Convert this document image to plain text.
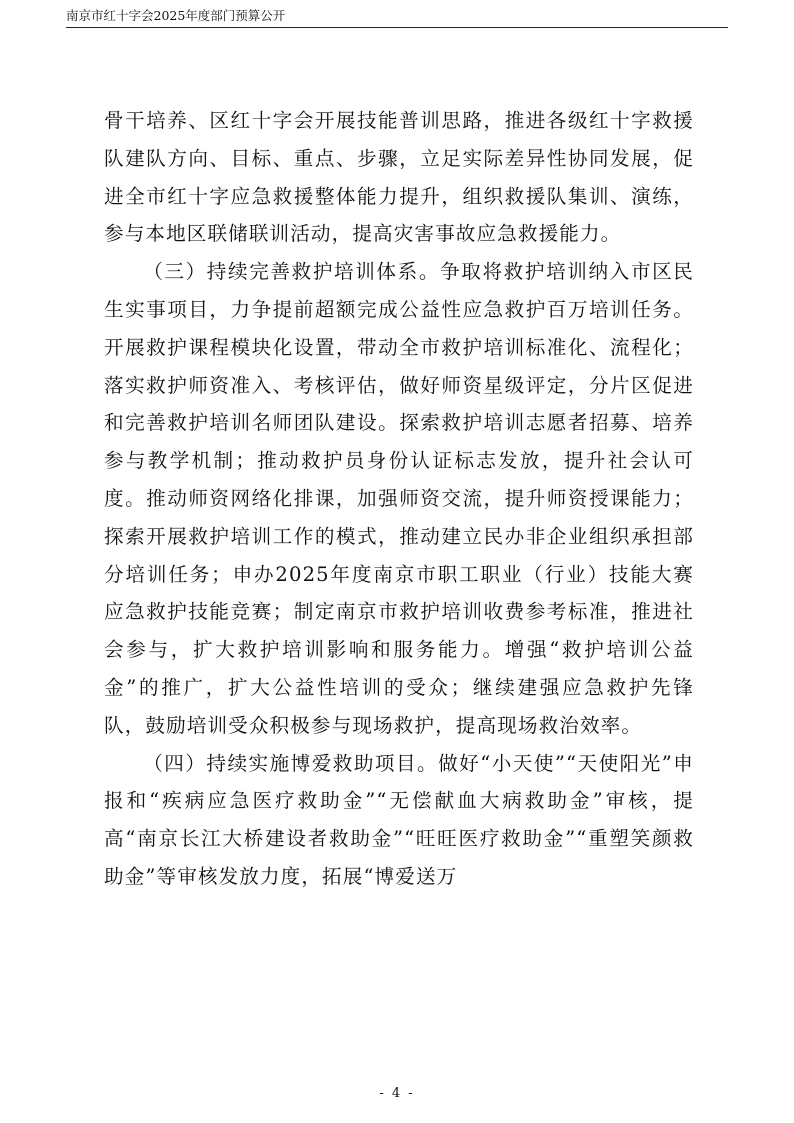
南京市红十字会2025年度部门预算公开

骨干培养、区红十字会开展技能普训思路，推进各级红十字救援队建队方向、目标、重点、步骤，立足实际差异性协同发展，促进全市红十字应急救援整体能力提升，组织救援队集训、演练，参与本地区联储联训活动，提高灾害事故应急救援能力。

（三）持续完善救护培训体系。争取将救护培训纳入市区民生实事项目，力争提前超额完成公益性应急救护百万培训任务。开展救护课程模块化设置，带动全市救护培训标准化、流程化；落实救护师资准入、考核评估，做好师资星级评定，分片区促进和完善救护培训名师团队建设。探索救护培训志愿者招募、培养参与教学机制；推动救护员身份认证标志发放，提升社会认可度。推动师资网络化排课，加强师资交流，提升师资授课能力；探索开展救护培训工作的模式，推动建立民办非企业组织承担部分培训任务；申办2025年度南京市职工职业（行业）技能大赛应急救护技能竞赛；制定南京市救护培训收费参考标准，推进社会参与，扩大救护培训影响和服务能力。增强“救护培训公益金”的推广，扩大公益性培训的受众；继续建强应急救护先锋队，鼓励培训受众积极参与现场救护，提高现场救治效率。

（四）持续实施博爱救助项目。做好“小天使”“天使阳光”申报和“疾病应急医疗救助金”“无偿献血大病救助金”审核，提高“南京长江大桥建设者救助金”“旺旺医疗救助金”“重塑笑颜救助金”等审核发放力度，拓展“博爱送万

- 4 -
